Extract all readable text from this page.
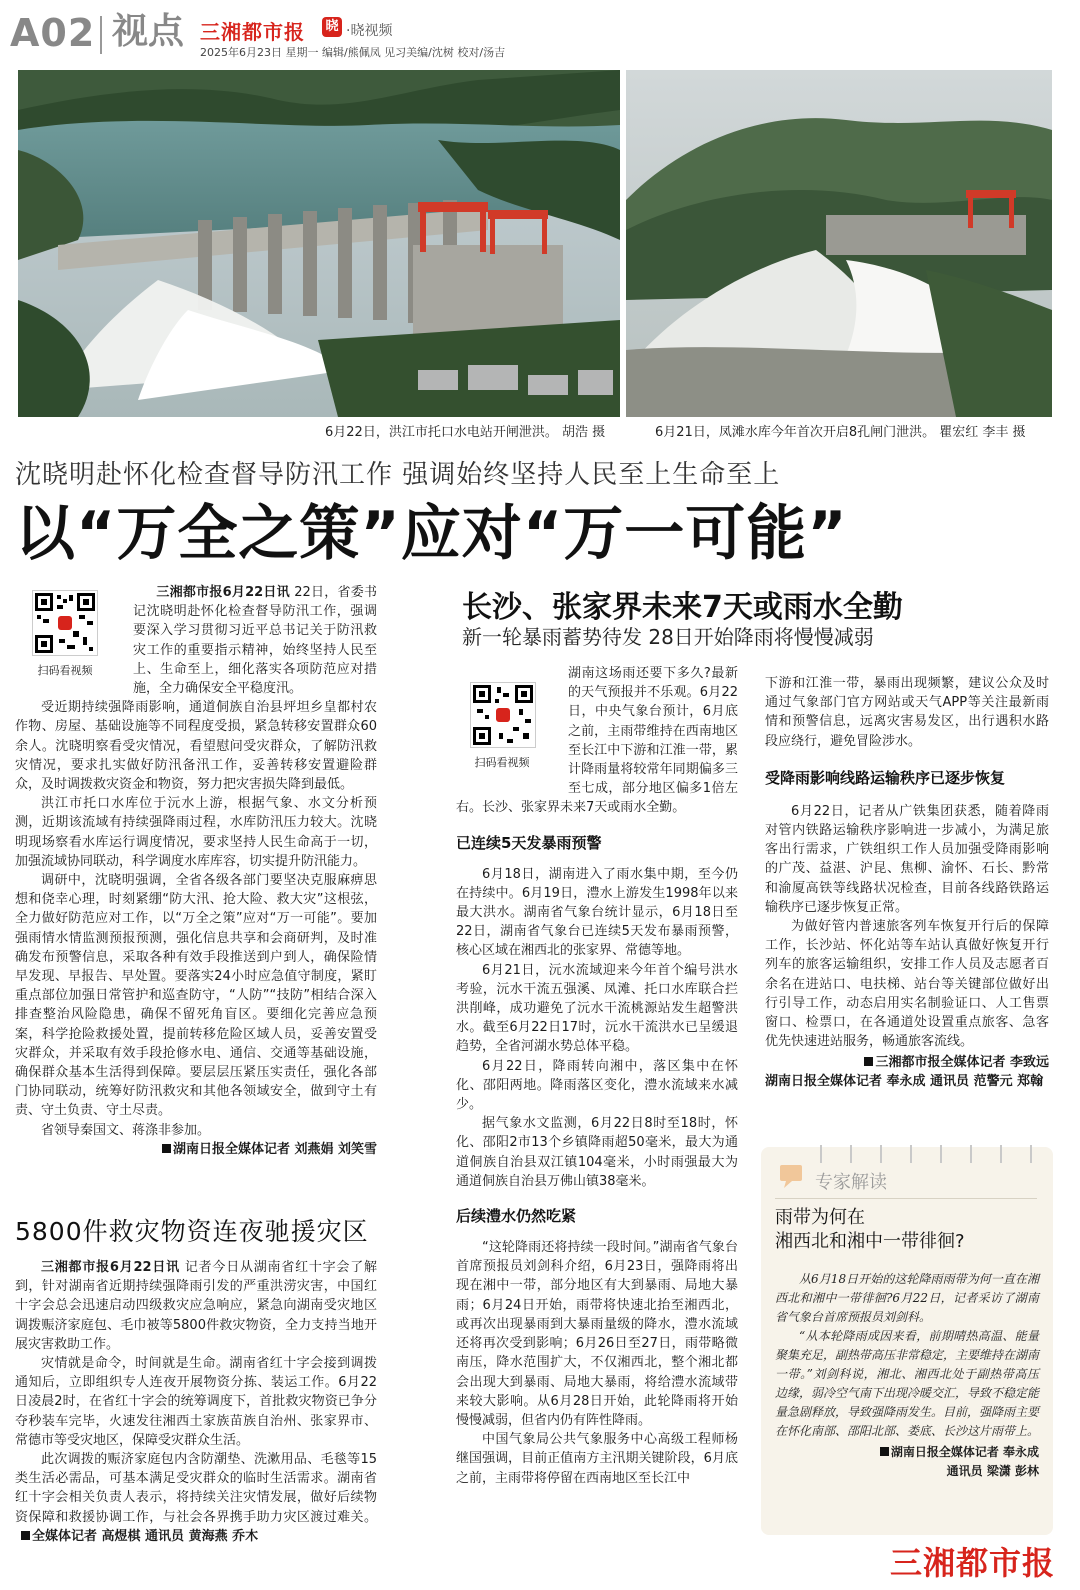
A02 视点 三湘都市报 晓 ·晓视频
2025年6月23日 星期一 编辑/熊佩凤 见习美编/沈树 校对/汤吉
6月22日，洪江市托口水电站开闸泄洪。 胡浩 摄	6月21日，凤滩水库今年首次开启8孔闸门泄洪。 瞿宏红 李丰 摄
沈晓明赴怀化检查督导防汛工作 强调始终坚持人民至上生命至上
以“万全之策”应对“万一可能”
扫码看视频
三湘都市报6月22日讯 22日，省委书记沈晓明赴怀化检查督导防汛工作，强调要深入学习贯彻习近平总书记关于防汛救灾工作的重要指示精神，始终坚持人民至上、生命至上，细化落实各项防范应对措施，全力确保安全平稳度汛。
受近期持续强降雨影响，通道侗族自治县坪坦乡皇都村农作物、房屋、基础设施等不同程度受损，紧急转移安置群众60余人。沈晓明察看受灾情况，看望慰问受灾群众，了解防汛救灾情况，要求扎实做好防汛备汛工作，妥善转移安置避险群众，及时调拨救灾资金和物资，努力把灾害损失降到最低。
洪江市托口水库位于沅水上游，根据气象、水文分析预测，近期该流域有持续强降雨过程，水库防汛压力较大。沈晓明现场察看水库运行调度情况，要求坚持人民生命高于一切，加强流域协同联动，科学调度水库库容，切实提升防汛能力。
调研中，沈晓明强调，全省各级各部门要坚决克服麻痹思想和侥幸心理，时刻紧绷“防大汛、抢大险、救大灾”这根弦，全力做好防范应对工作，以“万全之策”应对“万一可能”。要加强雨情水情监测预报预测，强化信息共享和会商研判，及时准确发布预警信息，采取各种有效手段推送到户到人，确保险情早发现、早报告、早处置。要落实24小时应急值守制度，紧盯重点部位加强日常管护和巡查防守，“人防”“技防”相结合深入排查整治风险隐患，确保不留死角盲区。要细化完善应急预案，科学抢险救援处置，提前转移危险区域人员，妥善安置受灾群众，并采取有效手段抢修水电、通信、交通等基础设施，确保群众基本生活得到保障。要层层压紧压实责任，强化各部门协同联动，统筹好防汛救灾和其他各领域安全，做到守土有责、守土负责、守土尽责。
省领导秦国文、蒋涤非参加。
湖南日报全媒体记者 刘燕娟 刘笑雪
5800件救灾物资连夜驰援灾区
三湘都市报6月22日讯 记者今日从湖南省红十字会了解到，针对湖南省近期持续强降雨引发的严重洪涝灾害，中国红十字会总会迅速启动四级救灾应急响应，紧急向湖南受灾地区调拨赈济家庭包、毛巾被等5800件救灾物资，全力支持当地开展灾害救助工作。
灾情就是命令，时间就是生命。湖南省红十字会接到调拨通知后，立即组织专人连夜开展物资分拣、装运工作。6月22日凌晨2时，在省红十字会的统筹调度下，首批救灾物资已争分夺秒装车完毕，火速发往湘西土家族苗族自治州、张家界市、常德市等受灾地区，保障受灾群众生活。
此次调拨的赈济家庭包内含防潮垫、洗漱用品、毛毯等15类生活必需品，可基本满足受灾群众的临时生活需求。湖南省红十字会相关负责人表示，将持续关注灾情发展，做好后续物资保障和救援协调工作，与社会各界携手助力灾区渡过难关。 全媒体记者 高煜棋 通讯员 黄海燕 乔木
长沙、张家界未来7天或雨水全勤
新一轮暴雨蓄势待发 28日开始降雨将慢慢减弱
扫码看视频
湖南这场雨还要下多久?最新的天气预报并不乐观。6月22日，中央气象台预计，6月底之前，主雨带维持在西南地区至长江中下游和江淮一带，累计降雨量将较常年同期偏多三至七成，部分地区偏多1倍左右。长沙、张家界未来7天或雨水全勤。
已连续5天发暴雨预警
6月18日，湖南进入了雨水集中期，至今仍在持续中。6月19日，澧水上游发生1998年以来最大洪水。湖南省气象台统计显示，6月18日至22日，湖南省气象台已连续5天发布暴雨预警，核心区域在湘西北的张家界、常德等地。
6月21日，沅水流域迎来今年首个编号洪水考验，沅水干流五强溪、凤滩、托口水库联合拦洪削峰，成功避免了沅水干流桃源站发生超警洪水。截至6月22日17时，沅水干流洪水已呈缓退趋势，全省河湖水势总体平稳。
6月22日，降雨转向湘中，落区集中在怀化、邵阳两地。降雨落区变化，澧水流域来水减少。
据气象水文监测，6月22日8时至18时，怀化、邵阳2市13个乡镇降雨超50毫米，最大为通道侗族自治县双江镇104毫米，小时雨强最大为通道侗族自治县万佛山镇38毫米。
后续澧水仍然吃紧
“这轮降雨还将持续一段时间。”湖南省气象台首席预报员刘剑科介绍，6月23日，强降雨将出现在湘中一带，部分地区有大到暴雨、局地大暴雨；6月24日开始，雨带将快速北抬至湘西北，或再次出现暴雨到大暴雨量级的降水，澧水流域还将再次受到影响；6月26日至27日，雨带略微南压，降水范围扩大，不仅湘西北，整个湘北都会出现大到暴雨、局地大暴雨，将给澧水流域带来较大影响。从6月28日开始，此轮降雨将开始慢慢减弱，但省内仍有阵性降雨。
中国气象局公共气象服务中心高级工程师杨继国强调，目前正值南方主汛期关键阶段，6月底之前，主雨带将停留在西南地区至长江中
下游和江淮一带，暴雨出现频繁，建议公众及时通过气象部门官方网站或天气APP等关注最新雨情和预警信息，远离灾害易发区，出行遇积水路段应绕行，避免冒险涉水。
受降雨影响线路运输秩序已逐步恢复
6月22日，记者从广铁集团获悉，随着降雨对管内铁路运输秩序影响进一步减小，为满足旅客出行需求，广铁组织工作人员加强受降雨影响的广茂、益湛、沪昆、焦柳、渝怀、石长、黔常和渝厦高铁等线路状况检查，目前各线路铁路运输秩序已逐步恢复正常。
为做好管内普速旅客列车恢复开行后的保障工作，长沙站、怀化站等车站认真做好恢复开行列车的旅客运输组织，安排工作人员及志愿者百余名在进站口、电扶梯、站台等关键部位做好出行引导工作，动态启用实名制验证口、人工售票窗口、检票口，在各通道处设置重点旅客、急客优先快速进站服务，畅通旅客流线。
三湘都市报全媒体记者 李致远
湖南日报全媒体记者 奉永成 通讯员 范警元 郑翰
专家解读
雨带为何在
湘西北和湘中一带徘徊?
从6月18日开始的这轮降雨雨带为何一直在湘西北和湘中一带徘徊?6月22日，记者采访了湖南省气象台首席预报员刘剑科。
“从本轮降雨成因来看，前期晴热高温、能量聚集充足，副热带高压非常稳定，主要维持在湖南一带。”刘剑科说，湘北、湘西北处于副热带高压边缘，弱冷空气南下出现冷暖交汇，导致不稳定能量急剧释放，导致强降雨发生。目前，强降雨主要在怀化南部、邵阳北部、娄底、长沙这片雨带上。
湖南日报全媒体记者 奉永成
通讯员 梁潇 彭林
三湘都市报
